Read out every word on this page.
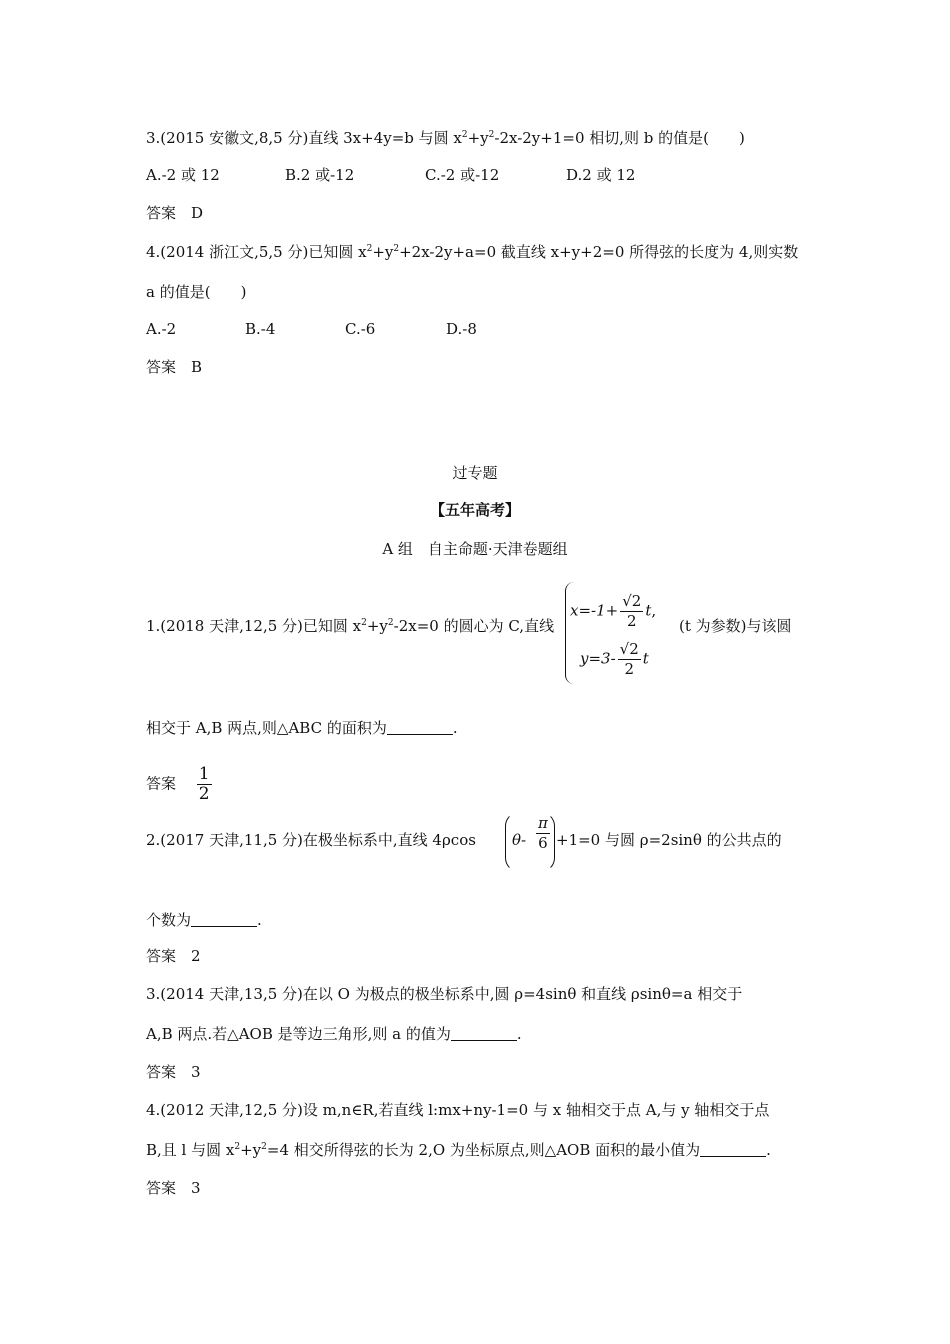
3.(2015 安徽文,8,5 分)直线 3x+4y=b 与圆 $x^2+y^2-2x-2y+1=0$ 相切,则 b 的值是(　　)
A.-2 或 12	B.2 或-12	C.-2 或-12	D.2 或 12
答案　D
4.(2014 浙江文,5,5 分)已知圆 $x^2+y^2+2x-2y+a=0$ 截直线 x+y+2=0 所得弦的长度为 4,则实数
a 的值是(　　)
A.-2	B.-4	C.-6	D.-8
答案　B
过专题
【五年高考】
A 组　自主命题·天津卷题组
1.(2018 天津,12,5 分)已知圆 $x^2+y^2-2x=0$ 的圆心为 C,直线
$x=-1+ \frac{√2}{2} t$,
$y=3- \frac{√2}{2}$ t
(t 为参数)与该圆
相交于 A,B 两点,则△ABC 的面积为	.
答案 $\frac{1}{2}$
2.(2017 天津,11,5 分)在极坐标系中,直线 4ρcos $\theta- \frac{\pi}{6} +1=0$ 与圆 ρ=2sinθ 的公共点的
个数为	.
答案　2
3.(2014 天津,13,5 分)在以 O 为极点的极坐标系中,圆 ρ=4sinθ 和直线 ρsinθ=a 相交于
A,B 两点.若△AOB 是等边三角形,则 a 的值为	.
答案　3
4.(2012 天津,12,5 分)设 m,n∈R,若直线 l:mx+ny-1=0 与 x 轴相交于点 A,与 y 轴相交于点
B,且 l 与圆 $x^2+y^2=4$ 相交所得弦的长为 2,O 为坐标原点,则△AOB 面积的最小值为	.
答案　3
